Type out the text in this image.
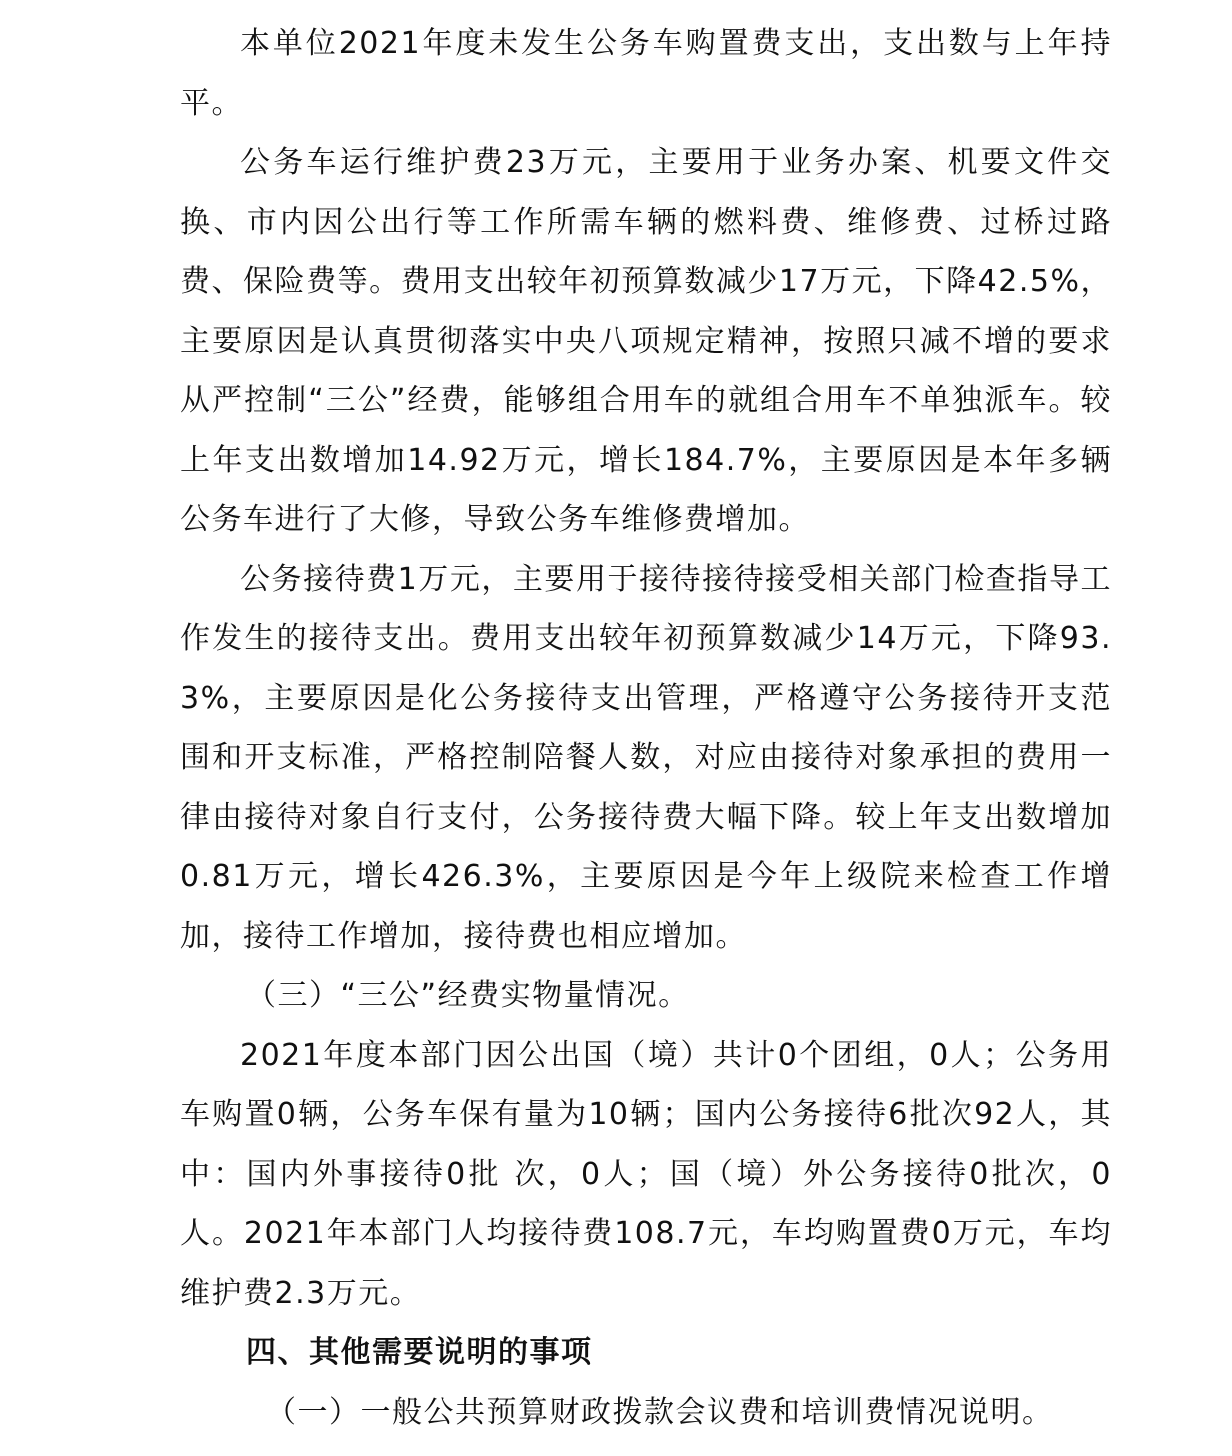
本单位2021年度未发生公务车购置费支出，支出数与上年持平。

公务车运行维护费23万元，主要用于业务办案、机要文件交换、市内因公出行等工作所需车辆的燃料费、维修费、过桥过路费、保险费等。费用支出较年初预算数减少17万元，下降42.5%，主要原因是认真贯彻落实中央八项规定精神，按照只减不增的要求从严控制“三公”经费，能够组合用车的就组合用车不单独派车。较上年支出数增加14.92万元，增长184.7%，主要原因是本年多辆公务车进行了大修，导致公务车维修费增加。

公务接待费1万元，主要用于接待接待接受相关部门检查指导工作发生的接待支出。费用支出较年初预算数减少14万元，下降93.3%，主要原因是化公务接待支出管理，严格遵守公务接待开支范围和开支标准，严格控制陪餐人数，对应由接待对象承担的费用一律由接待对象自行支付，公务接待费大幅下降。较上年支出数增加0.81万元，增长426.3%，主要原因是今年上级院来检查工作增加，接待工作增加，接待费也相应增加。

（三）“三公”经费实物量情况。

2021年度本部门因公出国（境）共计0个团组，0人；公务用车购置0辆，公务车保有量为10辆；国内公务接待6批次92人，其中：国内外事接待0批 次，0人；国（境）外公务接待0批次，0人。2021年本部门人均接待费108.7元，车均购置费0万元，车均维护费2.3万元。

四、其他需要说明的事项

（一）一般公共预算财政拨款会议费和培训费情况说明。
